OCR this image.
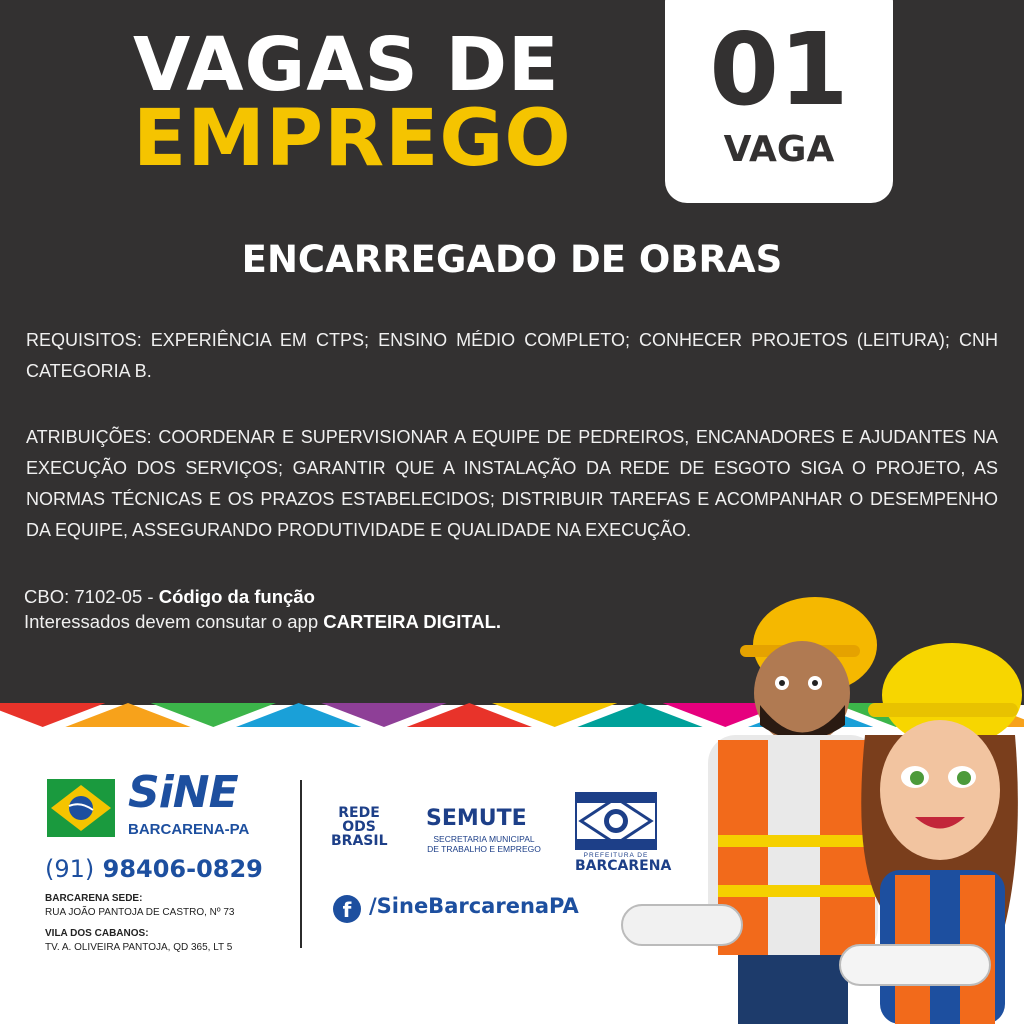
VAGAS DE
EMPREGO
01
VAGA
ENCARREGADO DE OBRAS
REQUISITOS: EXPERIÊNCIA EM CTPS; ENSINO MÉDIO COMPLETO; CONHECER PROJETOS (LEITURA); CNH CATEGORIA B.
ATRIBUIÇÕES: COORDENAR E SUPERVISIONAR A EQUIPE DE PEDREIROS, ENCANADORES E AJUDANTES NA EXECUÇÃO DOS SERVIÇOS; GARANTIR QUE A INSTALAÇÃO DA REDE DE ESGOTO SIGA O PROJETO, AS NORMAS TÉCNICAS E OS PRAZOS ESTABELECIDOS; DISTRIBUIR TAREFAS E ACOMPANHAR O DESEMPENHO DA EQUIPE, ASSEGURANDO PRODUTIVIDADE E QUALIDADE NA EXECUÇÃO.
CBO: 7102-05 - Código da função
Interessados devem consutar o app CARTEIRA DIGITAL.
SiNE
BARCARENA-PA
(91) 98406-0829
BARCARENA SEDE:
RUA JOÃO PANTOJA DE CASTRO, Nº 73
VILA DOS CABANOS:
TV. A. OLIVEIRA PANTOJA, QD 365, LT 5
REDE
ODS
BRASIL
SEMUTE
SECRETARIA MUNICIPAL
DE TRABALHO E EMPREGO
PREFEITURA DE
BARCARENA
f /SineBarcarenaPA
